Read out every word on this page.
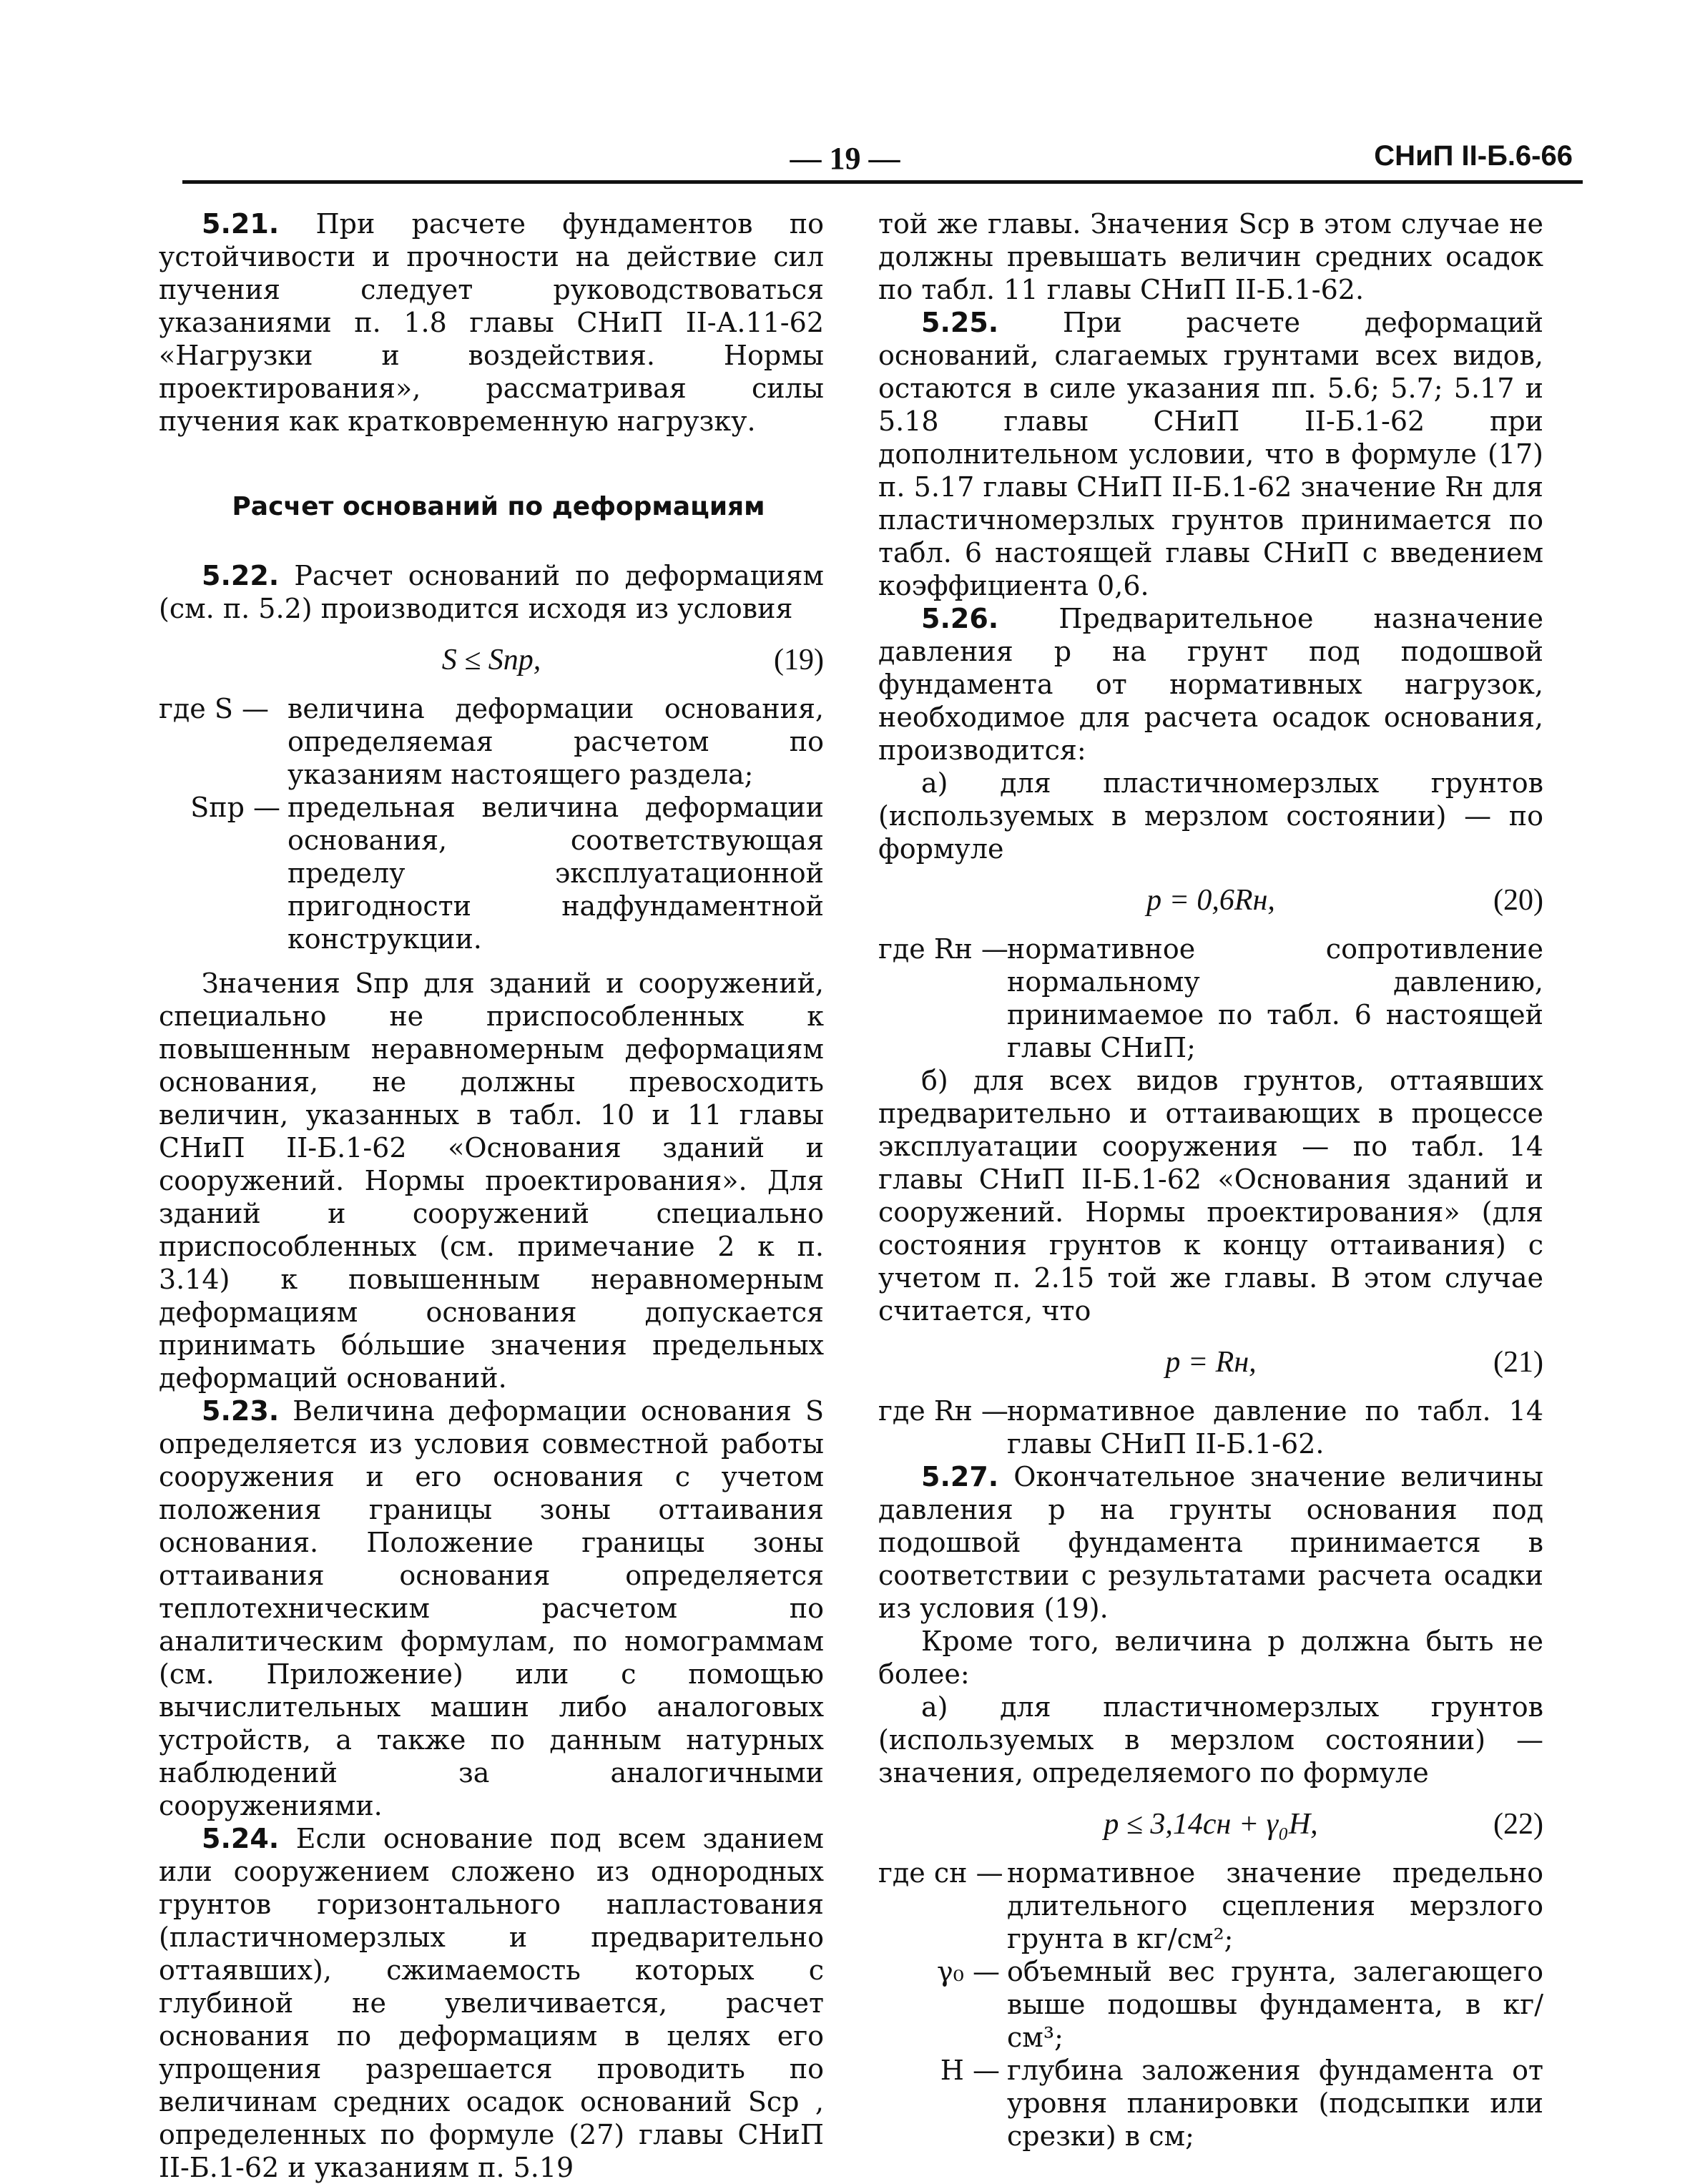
— 19 —	СНиП II-Б.6-66

5.21. При расчете фундаментов по устойчивости и прочности на действие сил пучения следует руководствоваться указаниями п. 1.8 главы СНиП II-А.11-62 «Нагрузки и воздействия. Нормы проектирования», рассматривая силы пучения как кратковременную нагрузку.

Расчет оснований по деформациям

5.22. Расчет оснований по деформациям (см. п. 5.2) производится исходя из условия

S ≤ Sпр,	(19)
где S — величина деформации основания, определяемая расчетом по указаниям настоящего раздела;
Sпр — предельная величина деформации основания, соответствующая пределу эксплуатационной пригодности надфундаментной конструкции.

Значения Sпр для зданий и сооружений, специально не приспособленных к повышенным неравномерным деформациям основания, не должны превосходить величин, указанных в табл. 10 и 11 главы СНиП II-Б.1-62 «Основания зданий и сооружений. Нормы проектирования». Для зданий и сооружений специально приспособленных (см. примечание 2 к п. 3.14) к повышенным неравномерным деформациям основания допускается принимать бо́льшие значения предельных деформаций оснований.

5.23. Величина деформации основания S определяется из условия совместной работы сооружения и его основания с учетом положения границы зоны оттаивания основания. Положение границы зоны оттаивания основания определяется теплотехническим расчетом по аналитическим формулам, по номограммам (см. Приложение) или с помощью вычислительных машин либо аналоговых устройств, а также по данным натурных наблюдений за аналогичными сооружениями.

5.24. Если основание под всем зданием или сооружением сложено из однородных грунтов горизонтального напластования (пластичномерзлых и предварительно оттаявших), сжимаемость которых с глубиной не увеличивается, расчет основания по деформациям в целях его упрощения разрешается проводить по величинам средних осадок оснований Sср , определенных по формуле (27) главы СНиП II-Б.1-62 и указаниям п. 5.19

той же главы. Значения Sср в этом случае не должны превышать величин средних осадок по табл. 11 главы СНиП II-Б.1-62.

5.25. При расчете деформаций оснований, слагаемых грунтами всех видов, остаются в силе указания пп. 5.6; 5.7; 5.17 и 5.18 главы СНиП II-Б.1-62 при дополнительном условии, что в формуле (17) п. 5.17 главы СНиП II-Б.1-62 значение Rн для пластичномерзлых грунтов принимается по табл. 6 настоящей главы СНиП с введением коэффициента 0,6.

5.26. Предварительное назначение давления p на грунт под подошвой фундамента от нормативных нагрузок, необходимое для расчета осадок основания, производится:

а) для пластичномерзлых грунтов (используемых в мерзлом состоянии) — по формуле

p = 0,6Rн,	(20)
где Rн —
нормативное сопротивление нормальному давлению, принимаемое по табл. 6 настоящей главы СНиП;

б) для всех видов грунтов, оттаявших предварительно и оттаивающих в процессе эксплуатации сооружения — по табл. 14 главы СНиП II-Б.1-62 «Основания зданий и сооружений. Нормы проектирования» (для состояния грунтов к концу оттаивания) с учетом п. 2.15 той же главы. В этом случае считается, что

p = Rн,	(21)
где Rн —
нормативное давление по табл. 14 главы СНиП II-Б.1-62.

5.27. Окончательное значение величины давления p на грунты основания под подошвой фундамента принимается в соответствии с результатами расчета осадки из условия (19).

Кроме того, величина p должна быть не более:

а) для пластичномерзлых грунтов (используемых в мерзлом состоянии) — значения, определяемого по формуле

p ≤ 3,14cн + γ₀H,	(22)
где cн — нормативное значение предельно длительного сцепления мерзлого грунта в кг/см²;
γ₀ — объемный вес грунта, залегающего выше подошвы фундамента, в кг/см³;
H — глубина заложения фундамента от уровня планировки (подсыпки или срезки) в см;
